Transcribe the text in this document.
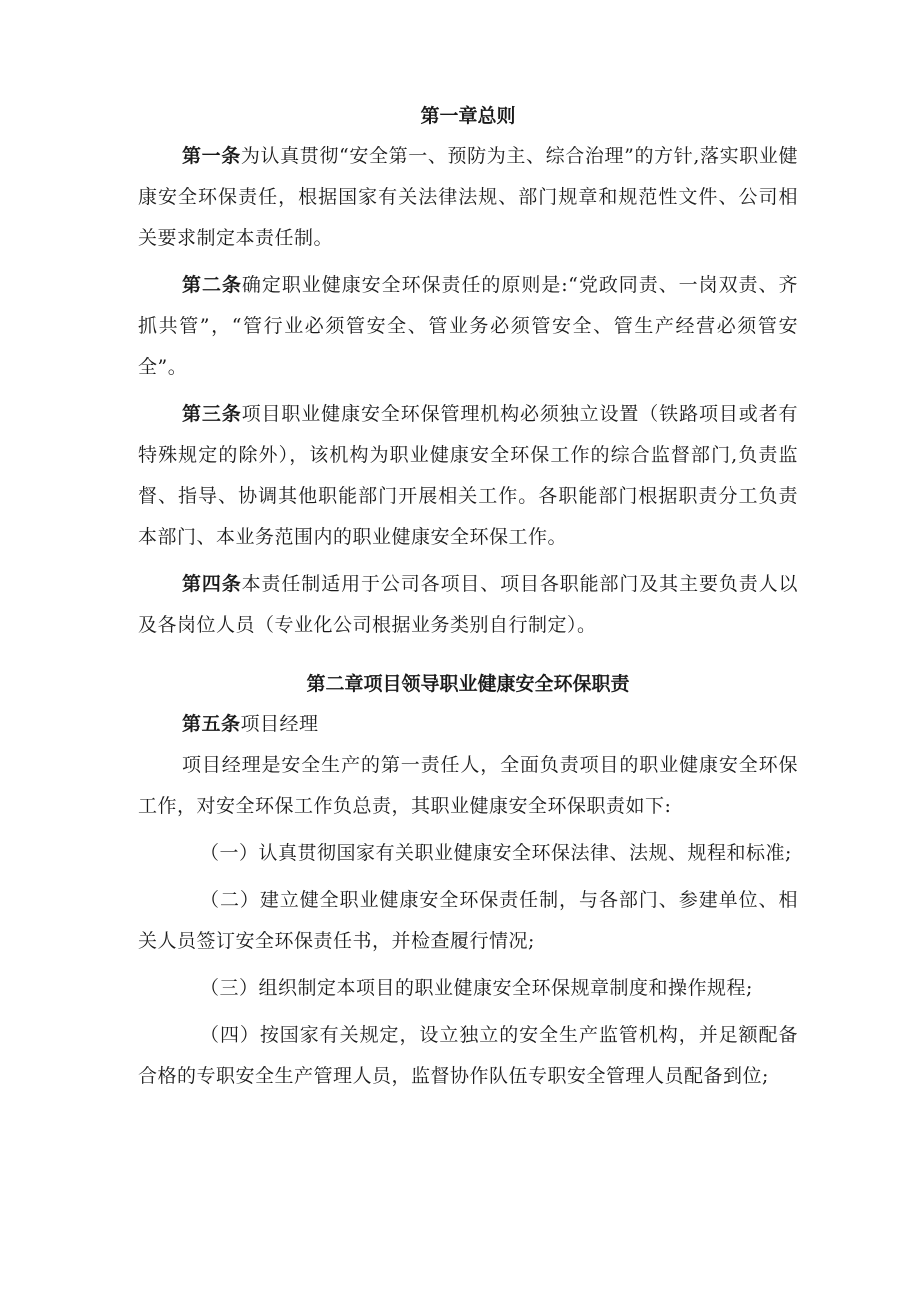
第一章总则

第一条为认真贯彻“安全第一、预防为主、综合治理”的方针,落实职业健康安全环保责任，根据国家有关法律法规、部门规章和规范性文件、公司相关要求制定本责任制。

第二条确定职业健康安全环保责任的原则是:“党政同责、一岗双责、齐抓共管”，“管行业必须管安全、管业务必须管安全、管生产经营必须管安全”。

第三条项目职业健康安全环保管理机构必须独立设置（铁路项目或者有特殊规定的除外），该机构为职业健康安全环保工作的综合监督部门,负责监督、指导、协调其他职能部门开展相关工作。各职能部门根据职责分工负责本部门、本业务范围内的职业健康安全环保工作。

第四条本责任制适用于公司各项目、项目各职能部门及其主要负责人以及各岗位人员（专业化公司根据业务类别自行制定）。

第二章项目领导职业健康安全环保职责

第五条项目经理

项目经理是安全生产的第一责任人，全面负责项目的职业健康安全环保工作，对安全环保工作负总责，其职业健康安全环保职责如下:

（一）认真贯彻国家有关职业健康安全环保法律、法规、规程和标准;

（二）建立健全职业健康安全环保责任制，与各部门、参建单位、相关人员签订安全环保责任书，并检查履行情况;

（三）组织制定本项目的职业健康安全环保规章制度和操作规程;

（四）按国家有关规定，设立独立的安全生产监管机构，并足额配备合格的专职安全生产管理人员，监督协作队伍专职安全管理人员配备到位;
